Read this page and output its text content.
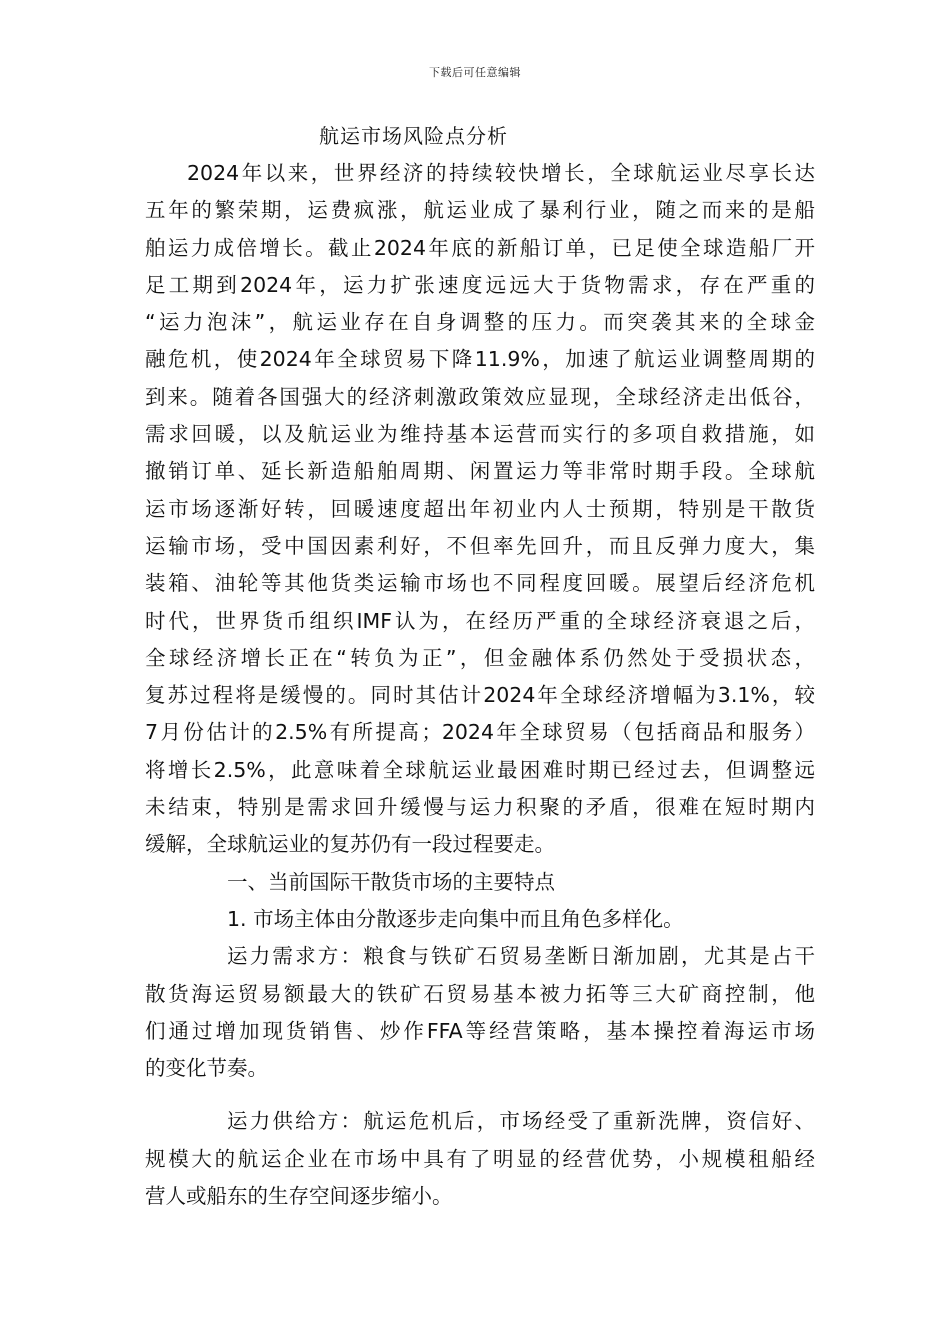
下载后可任意编辑
航运市场风险点分析
2024年以来，世界经济的持续较快增长，全球航运业尽享长达
五年的繁荣期，运费疯涨，航运业成了暴利行业，随之而来的是船
舶运力成倍增长。截止2024年底的新船订单，已足使全球造船厂开
足工期到2024年，运力扩张速度远远大于货物需求，存在严重的
“运力泡沫”，航运业存在自身调整的压力。而突袭其来的全球金
融危机，使2024年全球贸易下降11.9%，加速了航运业调整周期的
到来。随着各国强大的经济刺激政策效应显现，全球经济走出低谷，
需求回暖，以及航运业为维持基本运营而实行的多项自救措施，如
撤销订单、延长新造船舶周期、闲置运力等非常时期手段。全球航
运市场逐渐好转，回暖速度超出年初业内人士预期，特别是干散货
运输市场，受中国因素利好，不但率先回升，而且反弹力度大，集
装箱、油轮等其他货类运输市场也不同程度回暖。展望后经济危机
时代，世界货币组织IMF认为，在经历严重的全球经济衰退之后，
全球经济增长正在“转负为正”，但金融体系仍然处于受损状态，
复苏过程将是缓慢的。同时其估计2024年全球经济增幅为3.1%，较
7月份估计的2.5%有所提高；2024年全球贸易（包括商品和服务）
将增长2.5%，此意味着全球航运业最困难时期已经过去，但调整远
未结束，特别是需求回升缓慢与运力积聚的矛盾，很难在短时期内
缓解，全球航运业的复苏仍有一段过程要走。
一、当前国际干散货市场的主要特点
1. 市场主体由分散逐步走向集中而且角色多样化。
运力需求方：粮食与铁矿石贸易垄断日渐加剧，尤其是占干
散货海运贸易额最大的铁矿石贸易基本被力拓等三大矿商控制，他
们通过增加现货销售、炒作FFA等经营策略，基本操控着海运市场
的变化节奏。
运力供给方：航运危机后，市场经受了重新洗牌，资信好、
规模大的航运企业在市场中具有了明显的经营优势，小规模租船经
营人或船东的生存空间逐步缩小。
